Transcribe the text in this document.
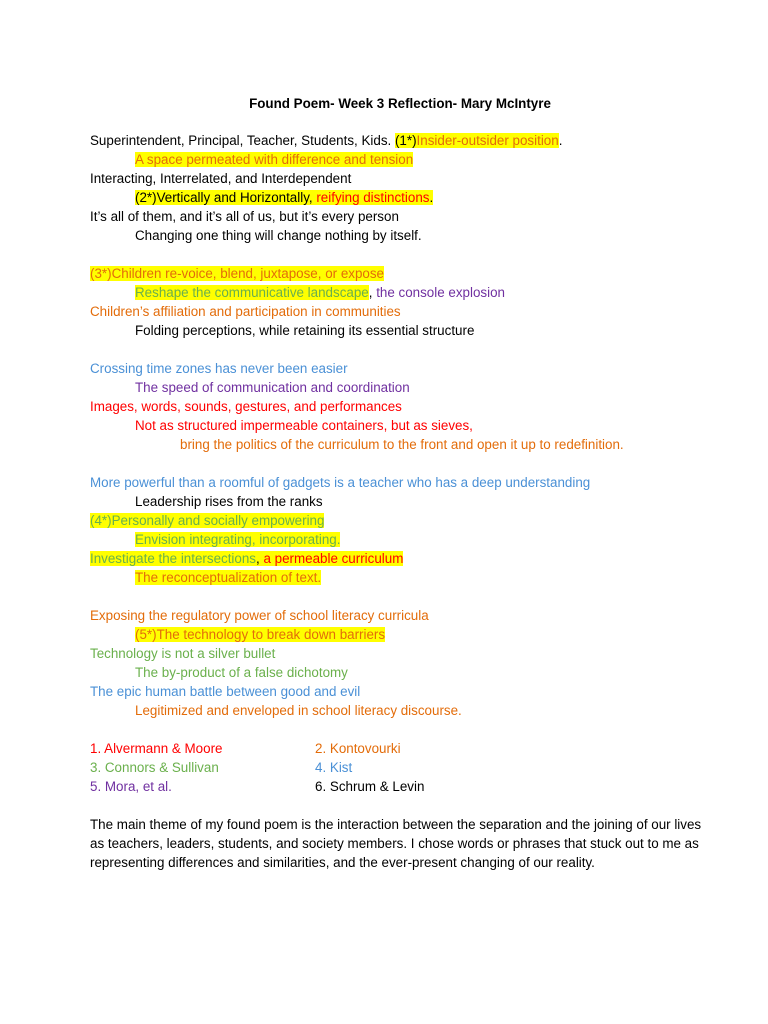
Found Poem- Week 3 Reflection- Mary McIntyre
Superintendent, Principal, Teacher, Students, Kids. (1*)Insider-outsider position.
A space permeated with difference and tension
Interacting, Interrelated, and Interdependent
(2*)Vertically and Horizontally, reifying distinctions.
It’s all of them, and it’s all of us, but it’s every person
Changing one thing will change nothing by itself.
(3*)Children re-voice, blend, juxtapose, or expose
Reshape the communicative landscape, the console explosion
Children’s affiliation and participation in communities
Folding perceptions, while retaining its essential structure
Crossing time zones has never been easier
The speed of communication and coordination
Images, words, sounds, gestures, and performances
Not as structured impermeable containers, but as sieves,
bring the politics of the curriculum to the front and open it up to redefinition.
More powerful than a roomful of gadgets is a teacher who has a deep understanding
Leadership rises from the ranks
(4*)Personally and socially empowering
Envision integrating, incorporating.
Investigate the intersections, a permeable curriculum
The reconceptualization of text.
Exposing the regulatory power of school literacy curricula
(5*)The technology to break down barriers
Technology is not a silver bullet
The by-product of a false dichotomy
The epic human battle between good and evil
Legitimized and enveloped in school literacy discourse.
1. Alvermann & Moore	2. Kontovourki
3. Connors & Sullivan	4. Kist
5. Mora, et al.	6. Schrum & Levin
The main theme of my found poem is the interaction between the separation and the joining of our lives as teachers, leaders, students, and society members. I chose words or phrases that stuck out to me as representing differences and similarities, and the ever-present changing of our reality.
